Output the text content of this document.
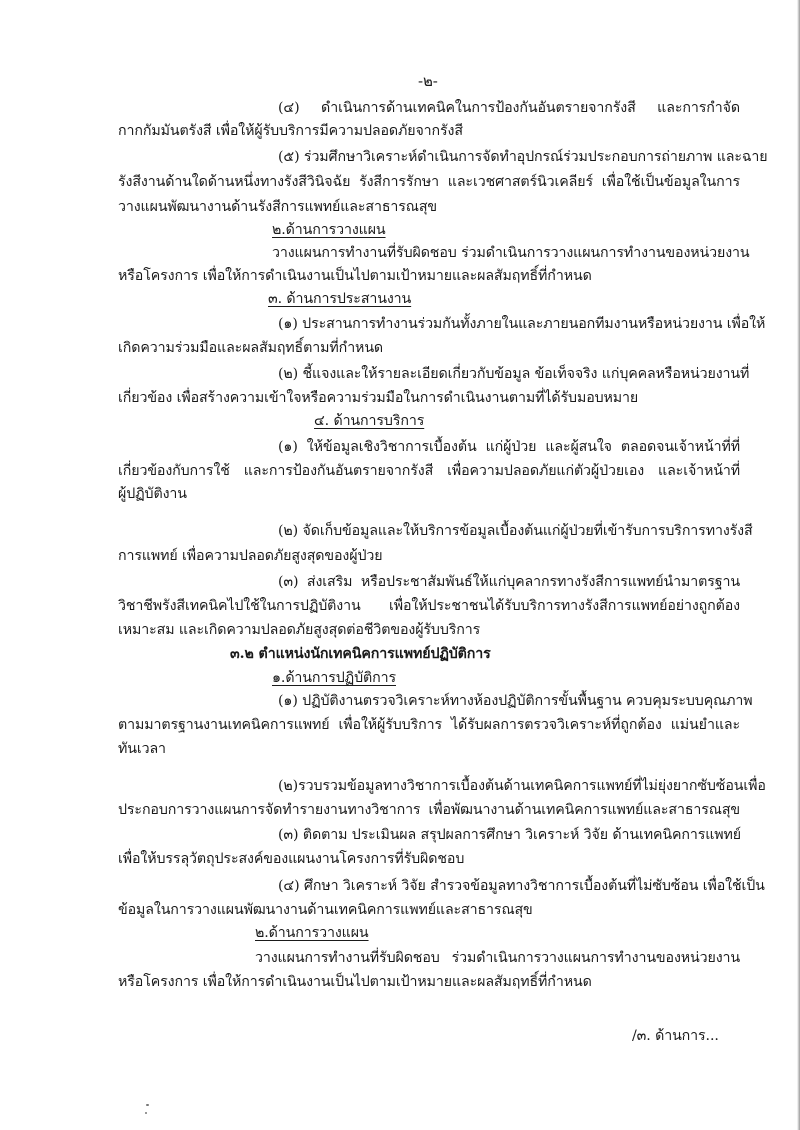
-๒-
(๔) ดำเนินการด้านเทคนิคในการป้องกันอันตรายจากรังสี และการกำจัด
กากกัมมันตรังสี เพื่อให้ผู้รับบริการมีความปลอดภัยจากรังสี
(๕) ร่วมศึกษาวิเคราะห์ดำเนินการจัดทำอุปกรณ์ร่วมประกอบการถ่ายภาพ และฉาย
รังสีงานด้านใดด้านหนึ่งทางรังสีวินิจฉัย รังสีการรักษา และเวชศาสตร์นิวเคลียร์ เพื่อใช้เป็นข้อมูลในการ
วางแผนพัฒนางานด้านรังสีการแพทย์และสาธารณสุข
๒.ด้านการวางแผน
วางแผนการทำงานที่รับผิดชอบ ร่วมดำเนินการวางแผนการทำงานของหน่วยงาน
หรือโครงการ เพื่อให้การดำเนินงานเป็นไปตามเป้าหมายและผลสัมฤทธิ์ที่กำหนด
๓. ด้านการประสานงาน
(๑) ประสานการทำงานร่วมกันทั้งภายในและภายนอกทีมงานหรือหน่วยงาน เพื่อให้
เกิดความร่วมมือและผลสัมฤทธิ์ตามที่กำหนด
(๒) ชี้แจงและให้รายละเอียดเกี่ยวกับข้อมูล ข้อเท็จจริง แก่บุคคลหรือหน่วยงานที่
เกี่ยวข้อง เพื่อสร้างความเข้าใจหรือความร่วมมือในการดำเนินงานตามที่ได้รับมอบหมาย
๔. ด้านการบริการ
(๑) ให้ข้อมูลเชิงวิชาการเบื้องต้น แก่ผู้ป่วย และผู้สนใจ ตลอดจนเจ้าหน้าที่ที่
เกี่ยวข้องกับการใช้ และการป้องกันอันตรายจากรังสี เพื่อความปลอดภัยแก่ตัวผู้ป่วยเอง และเจ้าหน้าที่
ผู้ปฏิบัติงาน
(๒) จัดเก็บข้อมูลและให้บริการข้อมูลเบื้องต้นแก่ผู้ป่วยที่เข้ารับการบริการทางรังสี
การแพทย์ เพื่อความปลอดภัยสูงสุดของผู้ป่วย
(๓) ส่งเสริม หรือประชาสัมพันธ์ให้แก่บุคลากรทางรังสีการแพทย์นำมาตรฐาน
วิชาชีพรังสีเทคนิคไปใช้ในการปฏิบัติงาน เพื่อให้ประชาชนได้รับบริการทางรังสีการแพทย์อย่างถูกต้อง
เหมาะสม และเกิดความปลอดภัยสูงสุดต่อชีวิตของผู้รับบริการ
๓.๒ ตำแหน่งนักเทคนิคการแพทย์ปฏิบัติการ
๑.ด้านการปฏิบัติการ
(๑) ปฏิบัติงานตรวจวิเคราะห์ทางห้องปฏิบัติการขั้นพื้นฐาน ควบคุมระบบคุณภาพ
ตามมาตรฐานงานเทคนิคการแพทย์ เพื่อให้ผู้รับบริการ ได้รับผลการตรวจวิเคราะห์ที่ถูกต้อง แม่นยำและ
ทันเวลา
(๒)รวบรวมข้อมูลทางวิชาการเบื้องต้นด้านเทคนิคการแพทย์ที่ไม่ยุ่งยากซับซ้อนเพื่อ
ประกอบการวางแผนการจัดทำรายงานทางวิชาการ เพื่อพัฒนางานด้านเทคนิคการแพทย์และสาธารณสุข
(๓) ติดตาม ประเมินผล สรุปผลการศึกษา วิเคราะห์ วิจัย ด้านเทคนิคการแพทย์
เพื่อให้บรรลุวัตถุประสงค์ของแผนงานโครงการที่รับผิดชอบ
(๔) ศึกษา วิเคราะห์ วิจัย สำรวจข้อมูลทางวิชาการเบื้องต้นที่ไม่ซับซ้อน เพื่อใช้เป็น
ข้อมูลในการวางแผนพัฒนางานด้านเทคนิคการแพทย์และสาธารณสุข
๒.ด้านการวางแผน
วางแผนการทำงานที่รับผิดชอบ ร่วมดำเนินการวางแผนการทำงานของหน่วยงาน
หรือโครงการ เพื่อให้การดำเนินงานเป็นไปตามเป้าหมายและผลสัมฤทธิ์ที่กำหนด
/๓. ด้านการ...
